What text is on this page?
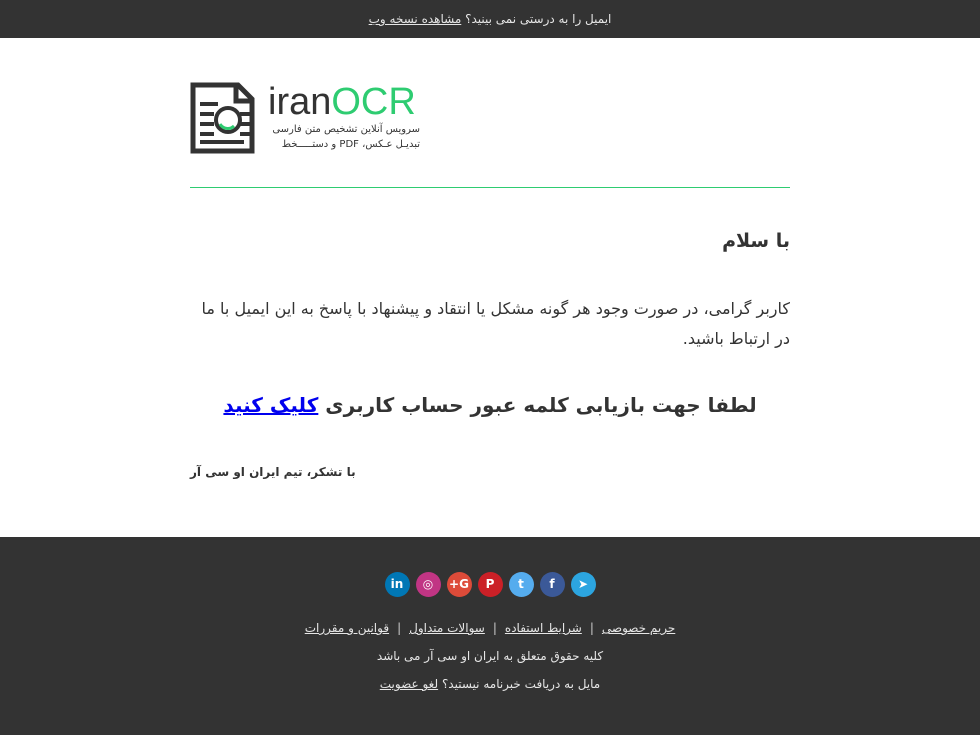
ایمیل را به درستی نمی بینید؟ مشاهده نسخه وب
iranOCR
سرویس آنلاین تشخیص متن فارسی
تبدیـل عـکس، PDF و دستـــــخط
با سلام
کاربر گرامی، در صورت وجود هر گونه مشکل یا انتقاد و پیشنهاد با پاسخ به این ایمیل با ما در ارتباط باشید.
لطفا جهت بازیابی کلمه عبور حساب کاربری کلیک کنید
با تشکر، تیم ایران او سی آر
➤ftPG+◎in
حریم خصوصی|شرایط استفاده|سوالات متداول|قوانین و مقررات
کلیه حقوق متعلق به ایران او سی آر می باشد
مایل به دریافت خبرنامه نیستید؟ لغو عضویت
